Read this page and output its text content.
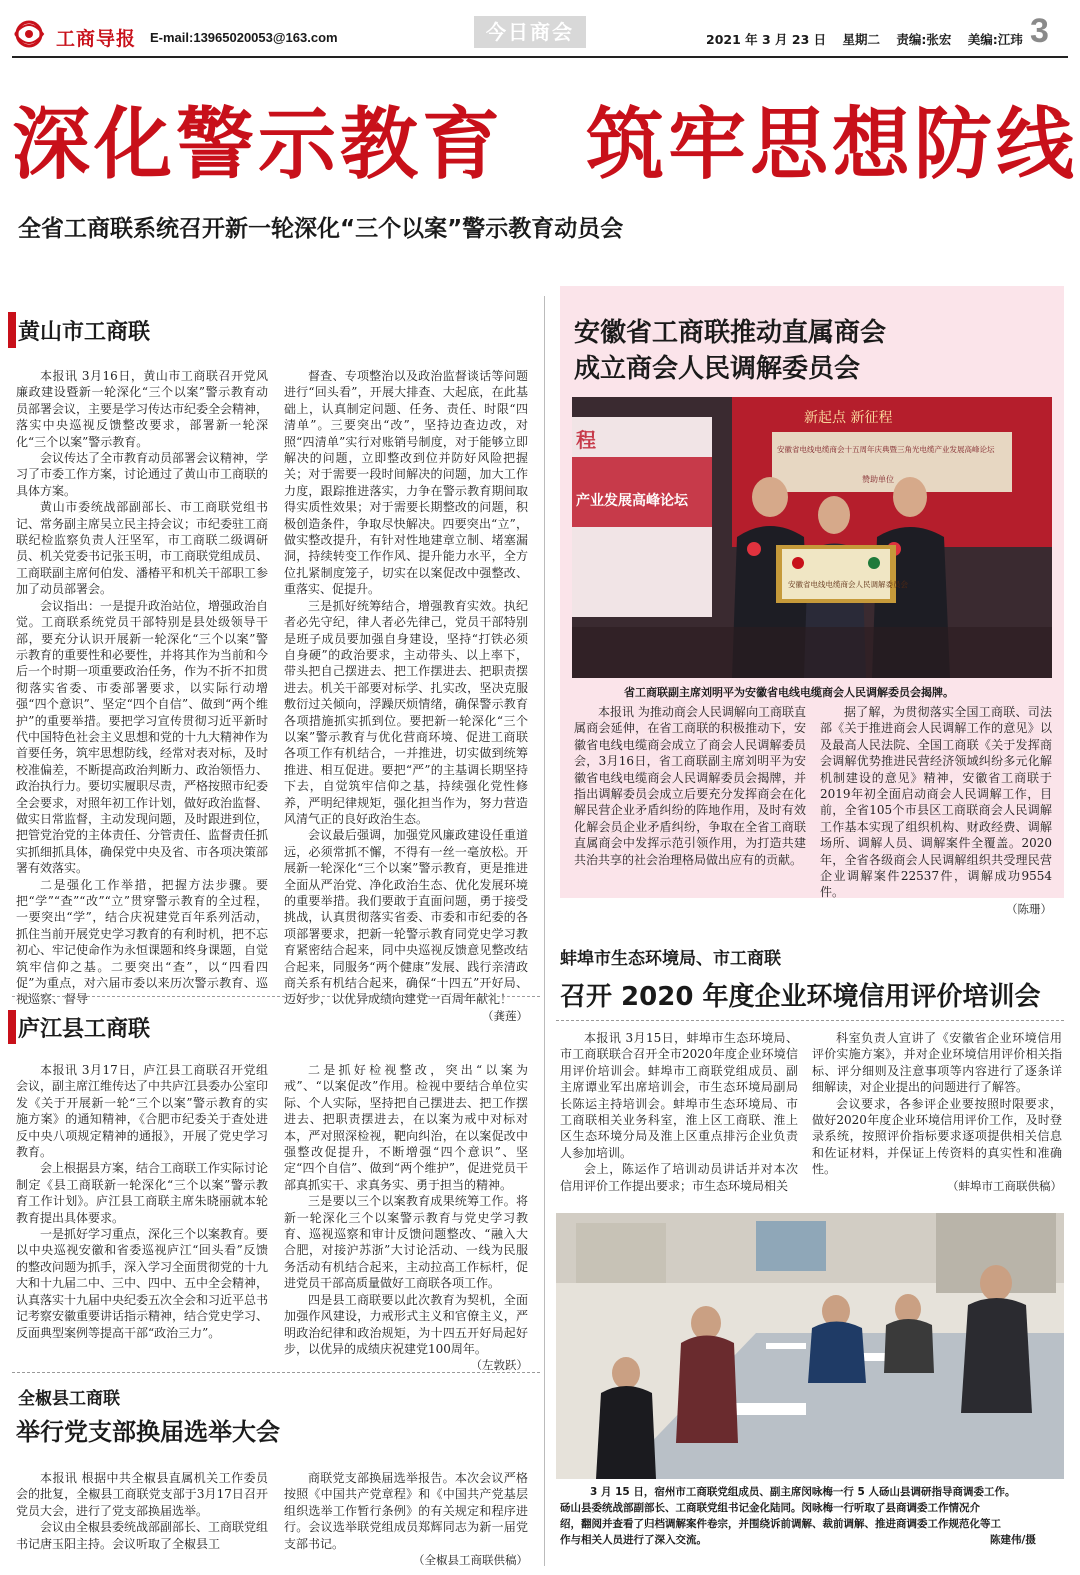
工商导报 E-mail:13965020053@163.com	今日商会	2021 年 3 月 23 日 星期二 责编:张宏 美编:江玮 3
深化警示教育　筑牢思想防线
全省工商联系统召开新一轮深化“三个以案”警示教育动员会
黄山市工商联

本报讯 3月16日，黄山市工商联召开党风廉政建设暨新一轮深化“三个以案”警示教育动员部署会议，主要是学习传达市纪委全会精神，落实中央巡视反馈整改要求，部署新一轮深化“三个以案”警示教育。

会议传达了全市教育动员部署会议精神，学习了市委工作方案，讨论通过了黄山市工商联的具体方案。

黄山市委统战部副部长、市工商联党组书记、常务副主席吴立民主持会议；市纪委驻工商联纪检监察负责人汪坚军，市工商联二级调研员、机关党委书记张玉明，市工商联党组成员、工商联副主席何伯发、潘椿平和机关干部职工参加了动员部署会。

会议指出：一是提升政治站位，增强政治自觉。工商联系统党员干部特别是县处级领导干部，要充分认识开展新一轮深化“三个以案”警示教育的重要性和必要性，并将其作为当前和今后一个时期一项重要政治任务，作为不折不扣贯彻落实省委、市委部署要求，以实际行动增强“四个意识”、坚定“四个自信”、做到“两个维护”的重要举措。要把学习宣传贯彻习近平新时代中国特色社会主义思想和党的十九大精神作为首要任务，筑牢思想防线，经常对表对标，及时校准偏差，不断提高政治判断力、政治领悟力、政治执行力。要切实履职尽责，严格按照市纪委全会要求，对照年初工作计划，做好政治监督、做实日常监督，主动发现问题，及时跟进到位，把管党治党的主体责任、分管责任、监督责任抓实抓细抓具体，确保党中央及省、市各项决策部署有效落实。

二是强化工作举措，把握方法步骤。要把“学”“查”“改”“立”贯穿警示教育的全过程，一要突出“学”，结合庆祝建党百年系列活动，抓住当前开展党史学习教育的有利时机，把不忘初心、牢记使命作为永恒课题和终身课题，自觉筑牢信仰之基。二要突出“查”，以“四看四促”为重点，对六届市委以来历次警示教育、巡视巡察、督导

督查、专项整治以及政治监督谈话等问题进行“回头看”，开展大排查、大起底，在此基础上，认真制定问题、任务、责任、时限“四清单”。三要突出“改”，坚持边查边改，对照“四清单”实行对账销号制度，对于能够立即解决的问题，立即整改到位并防好风险把握关；对于需要一段时间解决的问题，加大工作力度，跟踪推进落实，力争在警示教育期间取得实质性效果；对于需要长期整改的问题，积极创造条件，争取尽快解决。四要突出“立”，做实整改提升，有针对性地建章立制、堵塞漏洞，持续转变工作作风、提升能力水平，全方位扎紧制度笼子，切实在以案促改中强整改、重落实、促提升。

三是抓好统筹结合，增强教育实效。执纪者必先守纪，律人者必先律己，党员干部特别是班子成员要加强自身建设，坚持“打铁必须自身硬”的政治要求，主动带头、以上率下，带头把自己摆进去、把工作摆进去、把职责摆进去。机关干部要对标学、扎实改，坚决克服敷衍过关倾向，浮躁厌烦情绪，确保警示教育各项措施抓实抓到位。要把新一轮深化“三个以案”警示教育与优化营商环境、促进工商联各项工作有机结合，一并推进，切实做到统筹推进、相互促进。要把“严”的主基调长期坚持下去，自觉筑牢信仰之基，持续强化党性修养，严明纪律规矩，强化担当作为，努力营造风清气正的良好政治生态。

会议最后强调，加强党风廉政建设任重道远，必须常抓不懈，不得有一丝一毫放松。开展新一轮深化“三个以案”警示教育，更是推进全面从严治党、净化政治生态、优化发展环境的重要举措。我们要敢于直面问题，勇于接受挑战，认真贯彻落实省委、市委和市纪委的各项部署要求，把新一轮警示教育同党史学习教育紧密结合起来，同中央巡视反馈意见整改结合起来，同服务“两个健康”发展、践行亲清政商关系有机结合起来，确保“十四五”开好局、迈好步，以优异成绩向建党一百周年献礼！

（龚莲）
庐江县工商联

本报讯 3月17日，庐江县工商联召开党组会议，副主席江维传达了中共庐江县委办公室印发《关于开展新一轮“三个以案”警示教育的实施方案》的通知精神，《合肥市纪委关于查处进反中央八项规定精神的通报》，开展了党史学习教育。

会上根据县方案，结合工商联工作实际讨论制定《县工商联新一轮深化“三个以案”警示教育工作计划》。庐江县工商联主席朱晓丽就本轮教育提出具体要求。

一是抓好学习重点，深化三个以案教育。要以中央巡视安徽和省委巡视庐江“回头看”反馈的整改问题为抓手，深入学习全面贯彻党的十九大和十九届二中、三中、四中、五中全会精神，认真落实十九届中央纪委五次全会和习近平总书记考察安徽重要讲话指示精神，结合党史学习、反面典型案例等提高干部“政治三力”。

二是抓好检视整改，突出“以案为戒”、“以案促改”作用。检视中要结合单位实际、个人实际，坚持把自己摆进去、把工作摆进去、把职责摆进去，在以案为戒中对标对本，严对照深检视，靶向纠治，在以案促改中强整改促提升，不断增强“四个意识”、坚定“四个自信”、做到“两个维护”，促进党员干部真抓实干、求真务实、勇于担当的精神。

三是要以三个以案教育成果统筹工作。将新一轮深化三个以案警示教育与党史学习教育、巡视巡察和审计反馈问题整改、“融入大合肥，对接沪苏浙”大讨论活动、一线为民服务活动有机结合起来，主动拉高工作标杆，促进党员干部高质量做好工商联各项工作。

四是县工商联要以此次教育为契机，全面加强作风建设，力戒形式主义和官僚主义，严明政治纪律和政治规矩，为十四五开好局起好步，以优异的成绩庆祝建党100周年。

（左敦跃）
全椒县工商联
举行党支部换届选举大会

本报讯 根据中共全椒县直属机关工作委员会的批复，全椒县工商联党支部于3月17日召开党员大会，进行了党支部换届选举。

会议由全椒县委统战部副部长、工商联党组书记唐玉阳主持。会议听取了全椒县工

商联党支部换届选举报告。本次会议严格按照《中国共产党章程》和《中国共产党基层组织选举工作暂行条例》的有关规定和程序进行。会议选举联党组成员郑辉同志为新一届党支部书记。

（全椒县工商联供稿）
安徽省工商联推动直属商会
成立商会人民调解委员会
新起点 新征程
产业发展高峰论坛
程	安徽省电线电缆商会十五周年庆典暨三角光电缆产业发展高峰论坛
赞助单位
安徽省电线电缆商会人民调解委员会
省工商联副主席刘明平为安徽省电线电缆商会人民调解委员会揭牌。

本报讯 为推动商会人民调解向工商联直属商会延伸，在省工商联的积极推动下，安徽省电线电缆商会成立了商会人民调解委员会，3月16日，省工商联副主席刘明平为安徽省电线电缆商会人民调解委员会揭牌，并指出调解委员会成立后要充分发挥商会在化解民营企业矛盾纠纷的阵地作用，及时有效化解会员企业矛盾纠纷，争取在全省工商联直属商会中发挥示范引领作用，为打造共建共治共享的社会治理格局做出应有的贡献。

据了解，为贯彻落实全国工商联、司法部《关于推进商会人民调解工作的意见》以及最高人民法院、全国工商联《关于发挥商会调解优势推进民营经济领域纠纷多元化解机制建设的意见》精神，安徽省工商联于2019年初全面启动商会人民调解工作，目前，全省105个市县区工商联商会人民调解工作基本实现了组织机构、财政经费、调解场所、调解人员、调解案件全覆盖。2020年，全省各级商会人民调解组织共受理民营企业调解案件22537件，调解成功9554件。

（陈珊）
蚌埠市生态环境局、市工商联
召开 2020 年度企业环境信用评价培训会

本报讯 3月15日，蚌埠市生态环境局、市工商联联合召开全市2020年度企业环境信用评价培训会。蚌埠市工商联党组成员、副主席谭业军出席培训会，市生态环境局副局长陈运主持培训会。蚌埠市生态环境局、市工商联相关业务科室，淮上区工商联、淮上区生态环境分局及淮上区重点排污企业负责人参加培训。

会上，陈运作了培训动员讲话并对本次信用评价工作提出要求；市生态环境局相关

科室负责人宣讲了《安徽省企业环境信用评价实施方案》，并对企业环境信用评价相关指标、评分细则及注意事项等内容进行了逐条详细解读，对企业提出的问题进行了解答。

会议要求，各参评企业要按照时限要求，做好2020年度企业环境信用评价工作，及时登录系统，按照评价指标要求逐项提供相关信息和佐证材料，并保证上传资料的真实性和准确性。

（蚌埠市工商联供稿）
3 月 15 日，宿州市工商联党组成员、副主席闵咏梅一行 5 人砀山县调研指导商调委工作。
砀山县委统战部副部长、工商联党组书记金化陆同。闵咏梅一行听取了县商调委工作情况介
绍，翻阅并查看了归档调解案件卷宗，并围绕诉前调解、裁前调解、推进商调委工作规范化等工
作与相关人员进行了深入交流。	陈建伟/摄
